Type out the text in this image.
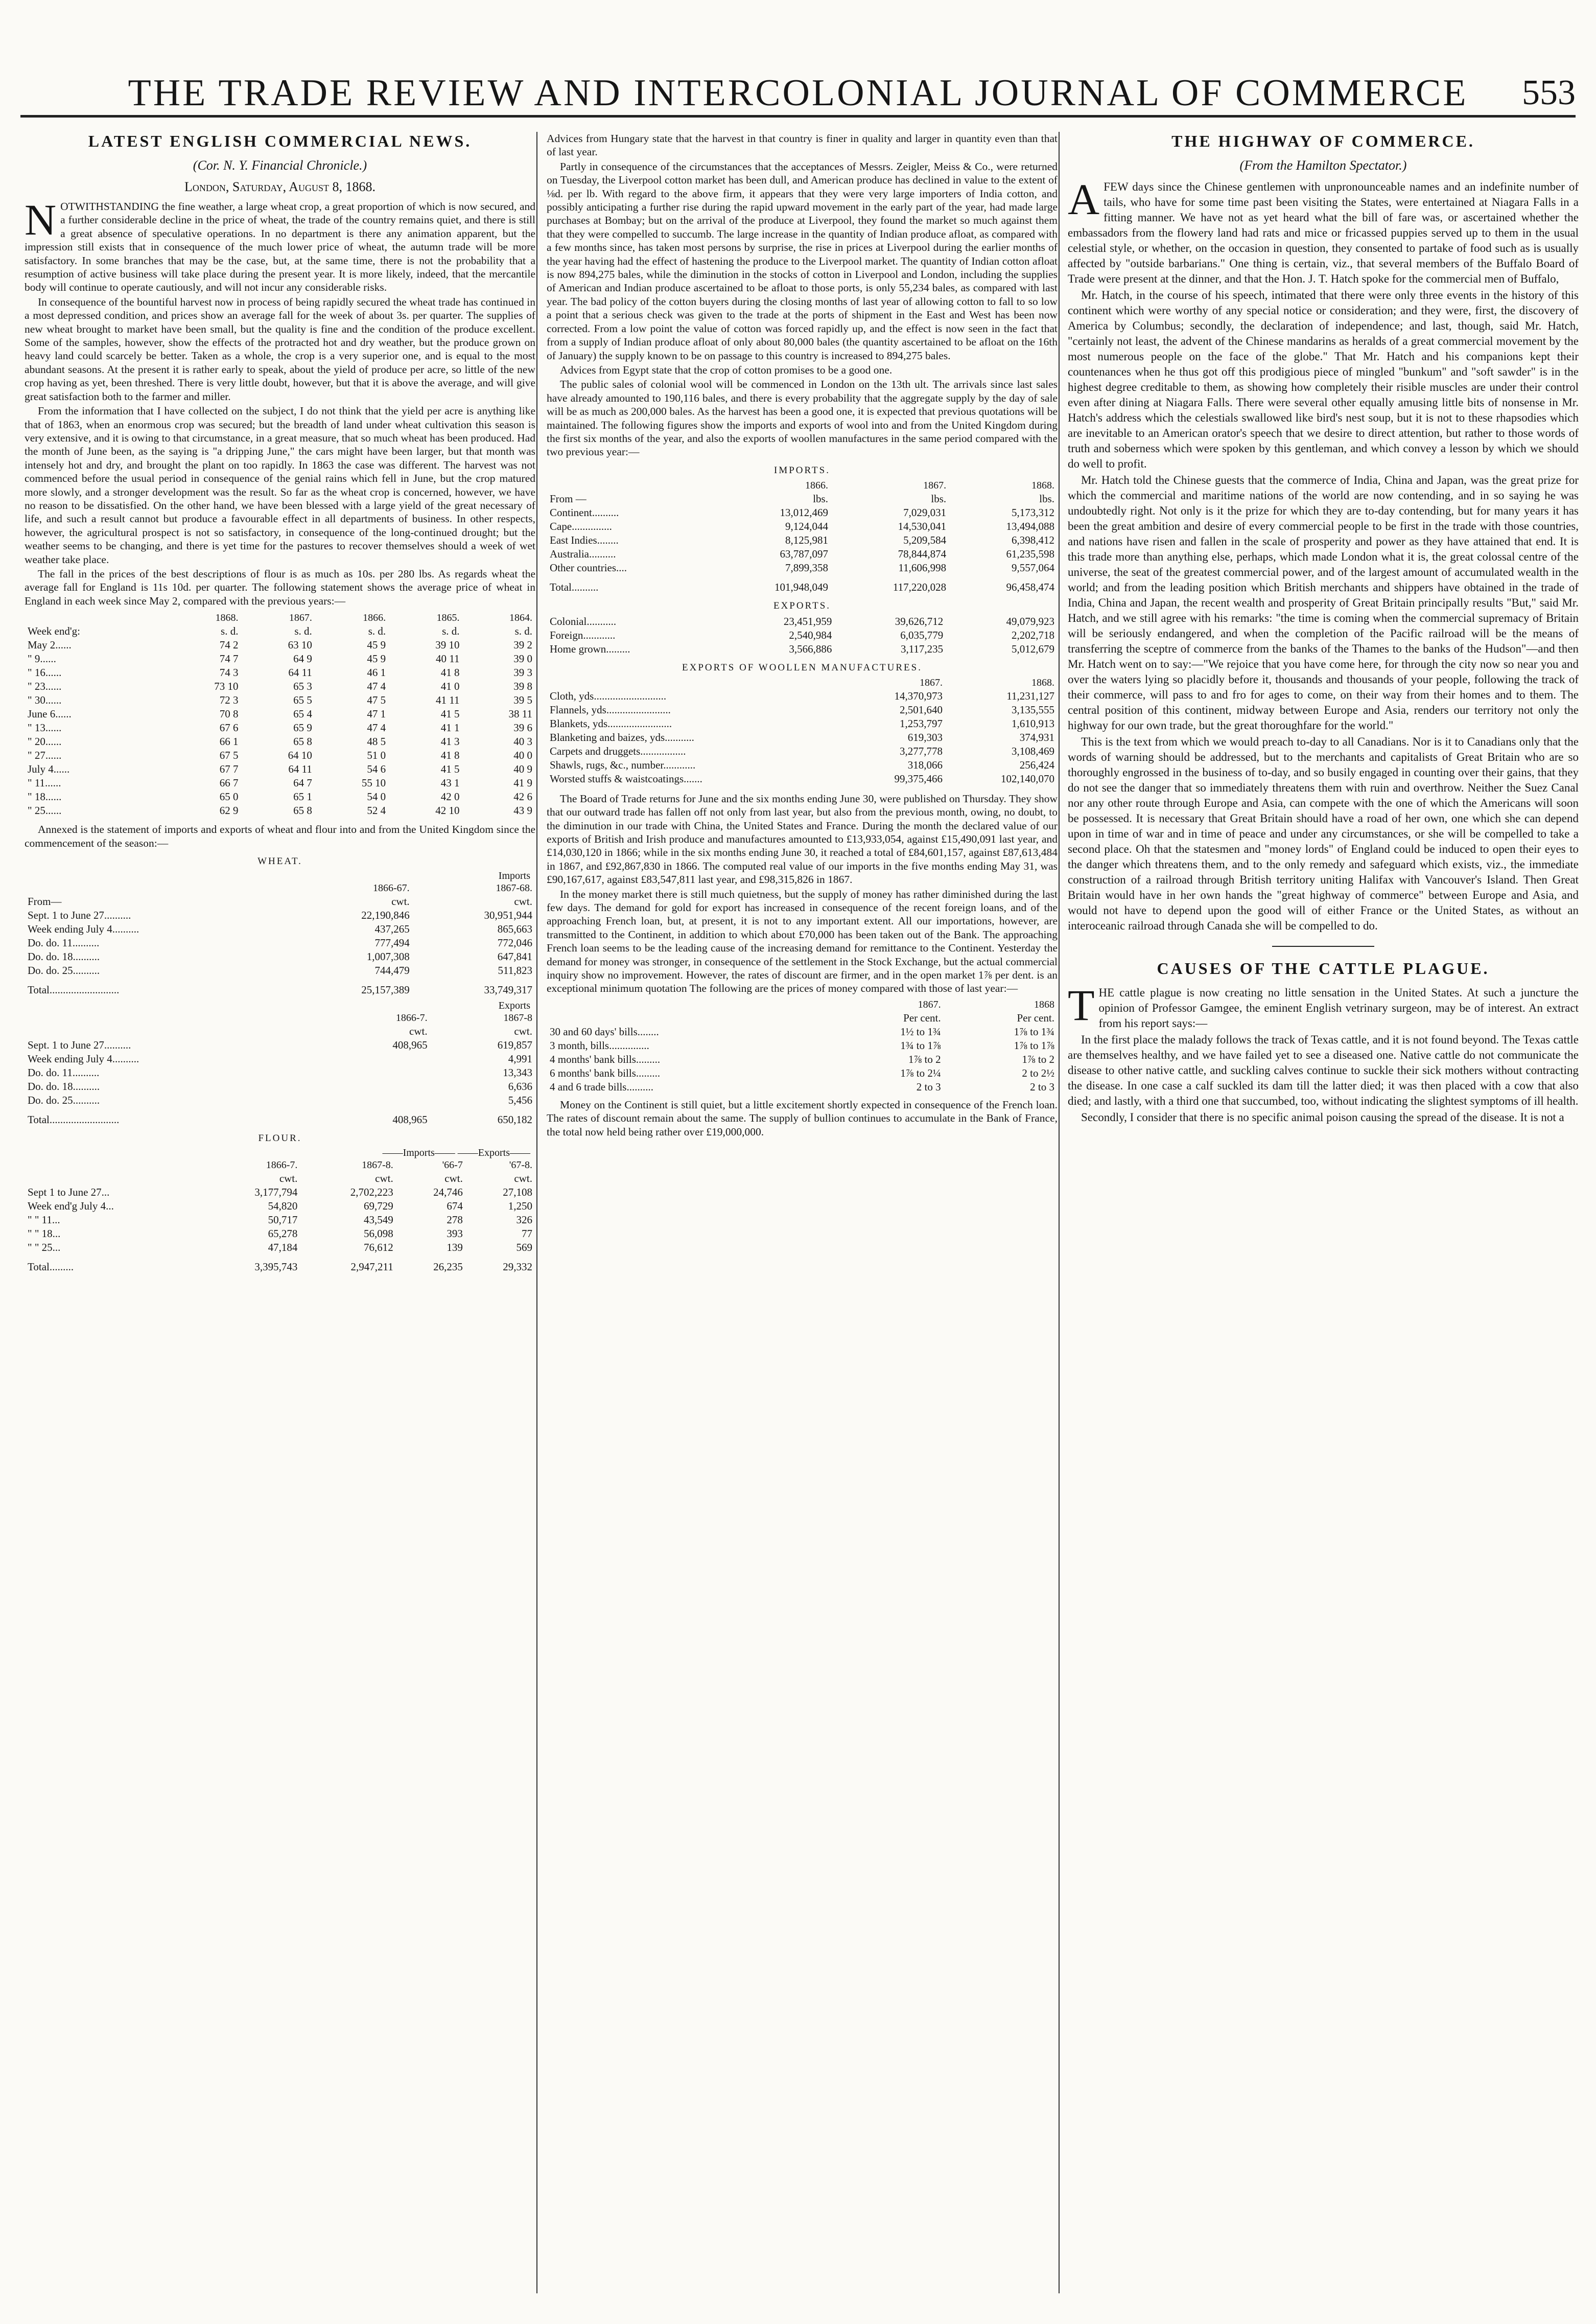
THE TRADE REVIEW AND INTERCOLONIAL JOURNAL OF COMMERCE	553
LATEST ENGLISH COMMERCIAL NEWS.
(Cor. N. Y. Financial Chronicle.)
London, Saturday, August 8, 1868.
NOTWITHSTANDING the fine weather, a large wheat crop, a great proportion of which is now secured, and a further considerable decline in the price of wheat, the trade of the country remains quiet, and there is still a great absence of speculative operations. In no department is there any animation apparent, but the impression still exists that in consequence of the much lower price of wheat, the autumn trade will be more satisfactory. In some branches that may be the case, but, at the same time, there is not the probability that a resumption of active business will take place during the present year. It is more likely, indeed, that the mercantile body will continue to operate cautiously, and will not incur any considerable risks.
In consequence of the bountiful harvest now in process of being rapidly secured the wheat trade has continued in a most depressed condition, and prices show an average fall for the week of about 3s. per quarter. The supplies of new wheat brought to market have been small, but the quality is fine and the condition of the produce excellent. Some of the samples, however, show the effects of the protracted hot and dry weather, but the produce grown on heavy land could scarcely be better. Taken as a whole, the crop is a very superior one, and is equal to the most abundant seasons. At the present it is rather early to speak, about the yield of produce per acre, so little of the new crop having as yet, been threshed. There is very little doubt, however, but that it is above the average, and will give great satisfaction both to the farmer and miller.
From the information that I have collected on the subject, I do not think that the yield per acre is anything like that of 1863, when an enormous crop was secured; but the breadth of land under wheat cultivation this season is very extensive, and it is owing to that circumstance, in a great measure, that so much wheat has been produced. Had the month of June been, as the saying is "a dripping June," the cars might have been larger, but that month was intensely hot and dry, and brought the plant on too rapidly. In 1863 the case was different. The harvest was not commenced before the usual period in consequence of the genial rains which fell in June, but the crop matured more slowly, and a stronger development was the result. So far as the wheat crop is concerned, however, we have no reason to be dissatisfied. On the other hand, we have been blessed with a large yield of the great necessary of life, and such a result cannot but produce a favourable effect in all departments of business. In other respects, however, the agricultural prospect is not so satisfactory, in consequence of the long-continued drought; but the weather seems to be changing, and there is yet time for the pastures to recover themselves should a week of wet weather take place.
The fall in the prices of the best descriptions of flour is as much as 10s. per 280 lbs. As regards wheat the average fall for England is 11s 10d. per quarter. The following statement shows the average price of wheat in England in each week since May 2, compared with the previous years:—
	1868.	1867.	1866.	1865.	1864.
Week end'g:	s. d.	s. d.	s. d.	s. d.	s. d.
May 2......	74 2	63 10	45 9	39 10	39 2
" 9......	74 7	64 9	45 9	40 11	39 0
" 16......	74 3	64 11	46 1	41 8	39 3
" 23......	73 10	65 3	47 4	41 0	39 8
" 30......	72 3	65 5	47 5	41 11	39 5
June 6......	70 8	65 4	47 1	41 5	38 11
" 13......	67 6	65 9	47 4	41 1	39 6
" 20......	66 1	65 8	48 5	41 3	40 3
" 27......	67 5	64 10	51 0	41 8	40 0
July 4......	67 7	64 11	54 6	41 5	40 9
" 11......	66 7	64 7	55 10	43 1	41 9
" 18......	65 0	65 1	54 0	42 0	42 6
" 25......	62 9	65 8	52 4	42 10	43 9
Annexed is the statement of imports and exports of wheat and flour into and from the United Kingdom since the commencement of the season:—
WHEAT.
Imports
	1866-67.	1867-68.
From—	cwt.	cwt.
Sept. 1 to June 27..........	22,190,846	30,951,944
Week ending July 4..........	437,265	865,663
Do. do. 11..........	777,494	772,046
Do. do. 18..........	1,007,308	647,841
Do. do. 25..........	744,479	511,823
Total..........................	25,157,389	33,749,317
Exports
	1866-7.	1867-8
	cwt.	cwt.
Sept. 1 to June 27..........	408,965	619,857
Week ending July 4..........		4,991
Do. do. 11..........		13,343
Do. do. 18..........		6,636
Do. do. 25..........		5,456
Total..........................	408,965	650,182
FLOUR.
——Imports—— ——Exports——
	1866-7.	1867-8.	'66-7	'67-8.
	cwt.	cwt.	cwt.	cwt.
Sept 1 to June 27...	3,177,794	2,702,223	24,746	27,108
Week end'g July 4...	54,820	69,729	674	1,250
" " 11...	50,717	43,549	278	326
" " 18...	65,278	56,098	393	77
" " 25...	47,184	76,612	139	569
Total.........	3,395,743	2,947,211	26,235	29,332
Advices from Hungary state that the harvest in that country is finer in quality and larger in quantity even than that of last year.
Partly in consequence of the circumstances that the acceptances of Messrs. Zeigler, Meiss & Co., were returned on Tuesday, the Liverpool cotton market has been dull, and American produce has declined in value to the extent of ⅛d. per lb. With regard to the above firm, it appears that they were very large importers of India cotton, and possibly anticipating a further rise during the rapid upward movement in the early part of the year, had made large purchases at Bombay; but on the arrival of the produce at Liverpool, they found the market so much against them that they were compelled to succumb. The large increase in the quantity of Indian produce afloat, as compared with a few months since, has taken most persons by surprise, the rise in prices at Liverpool during the earlier months of the year having had the effect of hastening the produce to the Liverpool market. The quantity of Indian cotton afloat is now 894,275 bales, while the diminution in the stocks of cotton in Liverpool and London, including the supplies of American and Indian produce ascertained to be afloat to those ports, is only 55,234 bales, as compared with last year. The bad policy of the cotton buyers during the closing months of last year of allowing cotton to fall to so low a point that a serious check was given to the trade at the ports of shipment in the East and West has been now corrected. From a low point the value of cotton was forced rapidly up, and the effect is now seen in the fact that from a supply of Indian produce afloat of only about 80,000 bales (the quantity ascertained to be afloat on the 16th of January) the supply known to be on passage to this country is increased to 894,275 bales.
Advices from Egypt state that the crop of cotton promises to be a good one.
The public sales of colonial wool will be commenced in London on the 13th ult. The arrivals since last sales have already amounted to 190,116 bales, and there is every probability that the aggregate supply by the day of sale will be as much as 200,000 bales. As the harvest has been a good one, it is expected that previous quotations will be maintained. The following figures show the imports and exports of wool into and from the United Kingdom during the first six months of the year, and also the exports of woollen manufactures in the same period compared with the two previous year:—
IMPORTS.
	1866.	1867.	1868.
From —	lbs.	lbs.	lbs.
Continent..........	13,012,469	7,029,031	5,173,312
Cape...............	9,124,044	14,530,041	13,494,088
East Indies........	8,125,981	5,209,584	6,398,412
Australia..........	63,787,097	78,844,874	61,235,598
Other countries....	7,899,358	11,606,998	9,557,064
Total..........	101,948,049	117,220,028	96,458,474
EXPORTS.
Colonial...........	23,451,959	39,626,712	49,079,923
Foreign............	2,540,984	6,035,779	2,202,718
Home grown.........	3,566,886	3,117,235	5,012,679
EXPORTS OF WOOLLEN MANUFACTURES.
	1867.	1868.
Cloth, yds...........................	14,370,973	11,231,127
Flannels, yds........................	2,501,640	3,135,555
Blankets, yds........................	1,253,797	1,610,913
Blanketing and baizes, yds...........	619,303	374,931
Carpets and druggets.................	3,277,778	3,108,469
Shawls, rugs, &c., number............	318,066	256,424
Worsted stuffs & waistcoatings.......	99,375,466	102,140,070
The Board of Trade returns for June and the six months ending June 30, were published on Thursday. They show that our outward trade has fallen off not only from last year, but also from the previous month, owing, no doubt, to the diminution in our trade with China, the United States and France. During the month the declared value of our exports of British and Irish produce and manufactures amounted to £13,933,054, against £15,490,091 last year, and £14,030,120 in 1866; while in the six months ending June 30, it reached a total of £84,601,157, against £87,613,484 in 1867, and £92,867,830 in 1866. The computed real value of our imports in the five months ending May 31, was £90,167,617, against £83,547,811 last year, and £98,315,826 in 1867.
In the money market there is still much quietness, but the supply of money has rather diminished during the last few days. The demand for gold for export has increased in consequence of the recent foreign loans, and of the approaching French loan, but, at present, it is not to any important extent. All our importations, however, are transmitted to the Continent, in addition to which about £70,000 has been taken out of the Bank. The approaching French loan seems to be the leading cause of the increasing demand for remittance to the Continent. Yesterday the demand for money was stronger, in consequence of the settlement in the Stock Exchange, but the actual commercial inquiry show no improvement. However, the rates of discount are firmer, and in the open market 1⅞ per dent. is an exceptional minimum quotation The following are the prices of money compared with those of last year:—
	1867.	1868
	Per cent.	Per cent.
30 and 60 days' bills........	1½ to 1¾	1⅞ to 1¾
3 month, bills...............	1¾ to 1⅞	1⅞ to 1⅞
4 months' bank bills.........	1⅞ to 2	1⅞ to 2
6 months' bank bills.........	1⅞ to 2¼	2 to 2½
4 and 6 trade bills..........	2 to 3	2 to 3
Money on the Continent is still quiet, but a little excitement shortly expected in consequence of the French loan. The rates of discount remain about the same. The supply of bullion continues to accumulate in the Bank of France, the total now held being rather over £19,000,000.
THE HIGHWAY OF COMMERCE.
(From the Hamilton Spectator.)
AFEW days since the Chinese gentlemen with unpronounceable names and an indefinite number of tails, who have for some time past been visiting the States, were entertained at Niagara Falls in a fitting manner. We have not as yet heard what the bill of fare was, or ascertained whether the embassadors from the flowery land had rats and mice or fricassed puppies served up to them in the usual celestial style, or whether, on the occasion in question, they consented to partake of food such as is usually affected by "outside barbarians." One thing is certain, viz., that several members of the Buffalo Board of Trade were present at the dinner, and that the Hon. J. T. Hatch spoke for the commercial men of Buffalo,
Mr. Hatch, in the course of his speech, intimated that there were only three events in the history of this continent which were worthy of any special notice or consideration; and they were, first, the discovery of America by Columbus; secondly, the declaration of independence; and last, though, said Mr. Hatch, "certainly not least, the advent of the Chinese mandarins as heralds of a great commercial movement by the most numerous people on the face of the globe." That Mr. Hatch and his companions kept their countenances when he thus got off this prodigious piece of mingled "bunkum" and "soft sawder" is in the highest degree creditable to them, as showing how completely their risible muscles are under their control even after dining at Niagara Falls. There were several other equally amusing little bits of nonsense in Mr. Hatch's address which the celestials swallowed like bird's nest soup, but it is not to these rhapsodies which are inevitable to an American orator's speech that we desire to direct attention, but rather to those words of truth and soberness which were spoken by this gentleman, and which convey a lesson by which we should do well to profit.
Mr. Hatch told the Chinese guests that the commerce of India, China and Japan, was the great prize for which the commercial and maritime nations of the world are now contending, and in so saying he was undoubtedly right. Not only is it the prize for which they are to-day contending, but for many years it has been the great ambition and desire of every commercial people to be first in the trade with those countries, and nations have risen and fallen in the scale of prosperity and power as they have attained that end. It is this trade more than anything else, perhaps, which made London what it is, the great colossal centre of the universe, the seat of the greatest commercial power, and of the largest amount of accumulated wealth in the world; and from the leading position which British merchants and shippers have obtained in the trade of India, China and Japan, the recent wealth and prosperity of Great Britain principally results "But," said Mr. Hatch, and we still agree with his remarks: "the time is coming when the commercial supremacy of Britain will be seriously endangered, and when the completion of the Pacific railroad will be the means of transferring the sceptre of commerce from the banks of the Thames to the banks of the Hudson"—and then Mr. Hatch went on to say:—"We rejoice that you have come here, for through the city now so near you and over the waters lying so placidly before it, thousands and thousands of your people, following the track of their commerce, will pass to and fro for ages to come, on their way from their homes and to them. The central position of this continent, midway between Europe and Asia, renders our territory not only the highway for our own trade, but the great thoroughfare for the world."
This is the text from which we would preach to-day to all Canadians. Nor is it to Canadians only that the words of warning should be addressed, but to the merchants and capitalists of Great Britain who are so thoroughly engrossed in the business of to-day, and so busily engaged in counting over their gains, that they do not see the danger that so immediately threatens them with ruin and overthrow. Neither the Suez Canal nor any other route through Europe and Asia, can compete with the one of which the Americans will soon be possessed. It is necessary that Great Britain should have a road of her own, one which she can depend upon in time of war and in time of peace and under any circumstances, or she will be compelled to take a second place. Oh that the statesmen and "money lords" of England could be induced to open their eyes to the danger which threatens them, and to the only remedy and safeguard which exists, viz., the immediate construction of a railroad through British territory uniting Halifax with Vancouver's Island. Then Great Britain would have in her own hands the "great highway of commerce" between Europe and Asia, and would not have to depend upon the good will of either France or the United States, as without an interoceanic railroad through Canada she will be compelled to do.
CAUSES OF THE CATTLE PLAGUE.
THE cattle plague is now creating no little sensation in the United States. At such a juncture the opinion of Professor Gamgee, the eminent English vetrinary surgeon, may be of interest. An extract from his report says:—
In the first place the malady follows the track of Texas cattle, and it is not found beyond. The Texas cattle are themselves healthy, and we have failed yet to see a diseased one. Native cattle do not communicate the disease to other native cattle, and suckling calves continue to suckle their sick mothers without contracting the disease. In one case a calf suckled its dam till the latter died; it was then placed with a cow that also died; and lastly, with a third one that succumbed, too, without indicating the slightest symptoms of ill health.
Secondly, I consider that there is no specific animal poison causing the spread of the disease. It is not a
